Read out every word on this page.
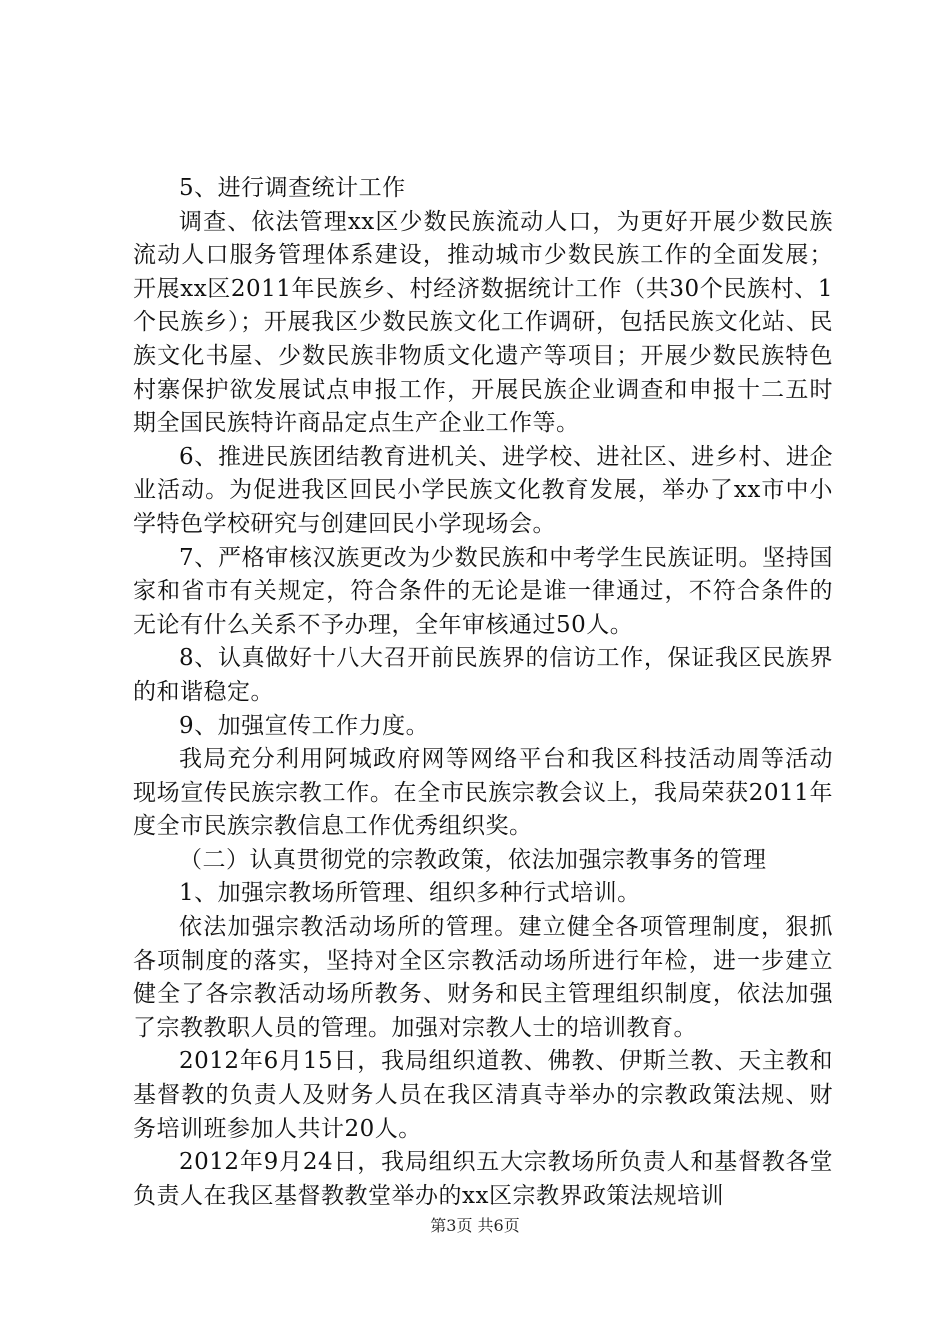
5、进行调查统计工作

调查、依法管理xx区少数民族流动人口，为更好开展少数民族流动人口服务管理体系建设，推动城市少数民族工作的全面发展；开展xx区2011年民族乡、村经济数据统计工作（共30个民族村、1个民族乡）；开展我区少数民族文化工作调研，包括民族文化站、民族文化书屋、少数民族非物质文化遗产等项目；开展少数民族特色村寨保护欲发展试点申报工作，开展民族企业调查和申报十二五时期全国民族特许商品定点生产企业工作等。

6、推进民族团结教育进机关、进学校、进社区、进乡村、进企业活动。为促进我区回民小学民族文化教育发展，举办了xx市中小学特色学校研究与创建回民小学现场会。

7、严格审核汉族更改为少数民族和中考学生民族证明。坚持国家和省市有关规定，符合条件的无论是谁一律通过，不符合条件的无论有什么关系不予办理，全年审核通过50人。

8、认真做好十八大召开前民族界的信访工作，保证我区民族界的和谐稳定。

9、加强宣传工作力度。

我局充分利用阿城政府网等网络平台和我区科技活动周等活动现场宣传民族宗教工作。在全市民族宗教会议上，我局荣获2011年度全市民族宗教信息工作优秀组织奖。

（二）认真贯彻党的宗教政策，依法加强宗教事务的管理

1、加强宗教场所管理、组织多种行式培训。

依法加强宗教活动场所的管理。建立健全各项管理制度，狠抓各项制度的落实，坚持对全区宗教活动场所进行年检，进一步建立健全了各宗教活动场所教务、财务和民主管理组织制度，依法加强了宗教教职人员的管理。加强对宗教人士的培训教育。

2012年6月15日，我局组织道教、佛教、伊斯兰教、天主教和基督教的负责人及财务人员在我区清真寺举办的宗教政策法规、财务培训班参加人共计20人。

2012年9月24日，我局组织五大宗教场所负责人和基督教各堂负责人在我区基督教教堂举办的xx区宗教界政策法规培训

第3页 共6页
